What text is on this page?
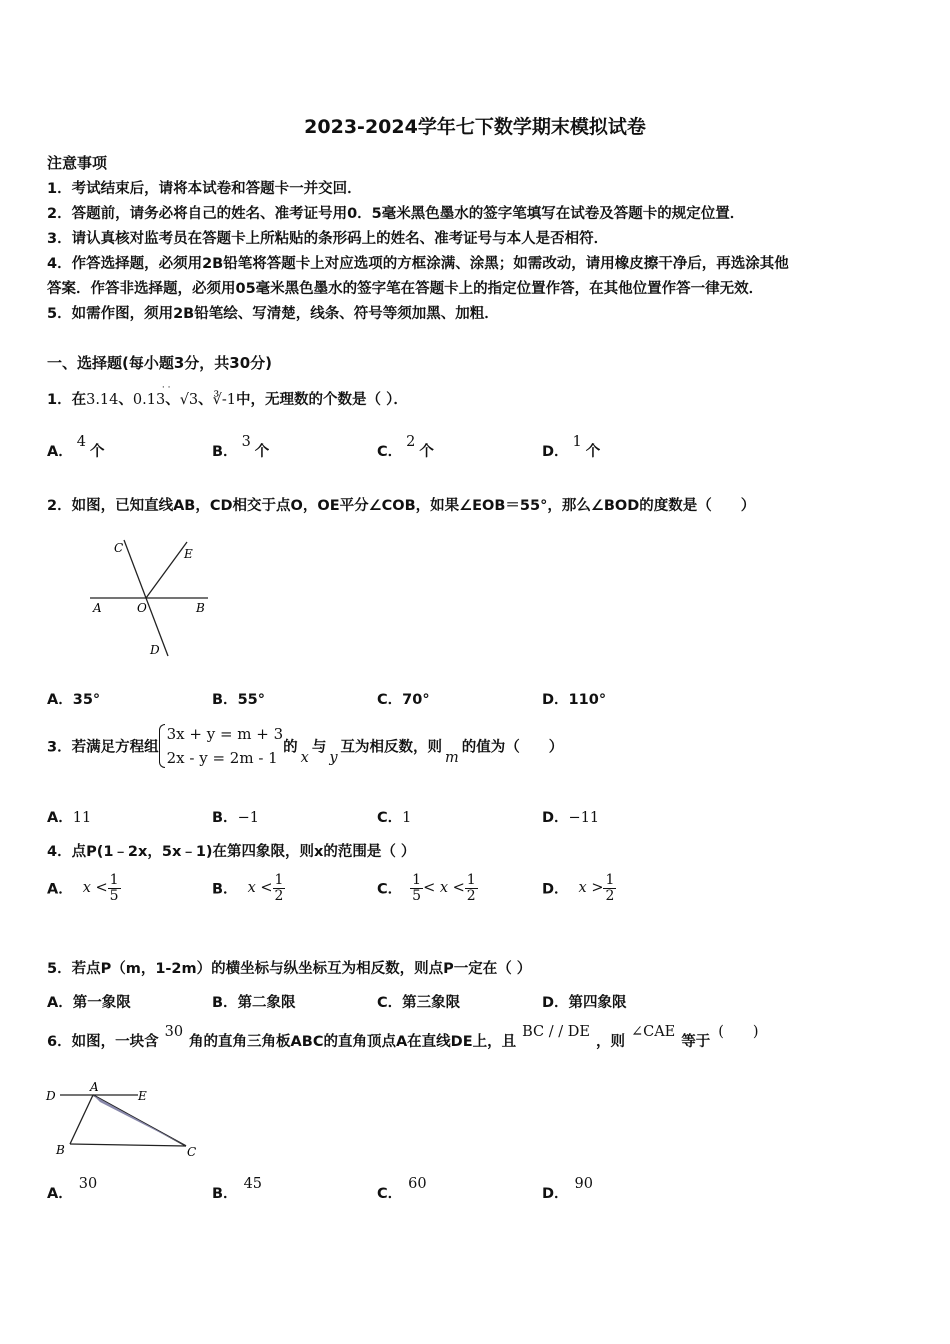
2023-2024学年七下数学期末模拟试卷
注意事项
1．考试结束后，请将本试卷和答题卡一并交回．
2．答题前，请务必将自己的姓名、准考证号用0．5毫米黑色墨水的签字笔填写在试卷及答题卡的规定位置．
3．请认真核对监考员在答题卡上所粘贴的条形码上的姓名、准考证号与本人是否相符．
4．作答选择题，必须用2B铅笔将答题卡上对应选项的方框涂满、涂黑；如需改动，请用橡皮擦干净后，再选涂其他
答案．作答非选择题，必须用05毫米黑色墨水的签字笔在答题卡上的指定位置作答，在其他位置作答一律无效．
5．如需作图，须用2B铅笔绘、写清楚，线条、符号等须加黑、加粗．
一、选择题(每小题3分，共30分)
1．在3.14、0.13
· ·
、√3、∛-1中，无理数的个数是（ ）．
A．4个	B．3个	C．2个	D．1个
2．如图，已知直线AB，CD相交于点O，OE平分∠COB，如果∠EOB＝55°，那么∠BOD的度数是（　　）
C	E
A	O	B
D
A．35°	B．55°	C．70°	D．110°
3．若满足方程组
3x + y = m + 3
2x - y = 2m - 1
的x与y互为相反数，则m的值为（　　）
A．11	B．−1	C．1	D．−11
4．点P(1﹣2x，5x﹣1)在第四象限，则x的范围是（ ）
A． $x < \frac{1}{5}$	B． $x < \frac{1}{2}$	C． $\frac{1}{5} < x < \frac{1}{2}$	D． $x > \frac{1}{2}$
5．若点P（m，1-2m）的横坐标与纵坐标互为相反数，则点P一定在（ ）
A．第一象限	B．第二象限	C．第三象限	D．第四象限
6．如图，一块含30角的直角三角板ABC的直角顶点A在直线DE上，且BC / / DE，则∠CAE等于(　　)
D
A
E
B	C
A．30
B．45
C．60
D．90
